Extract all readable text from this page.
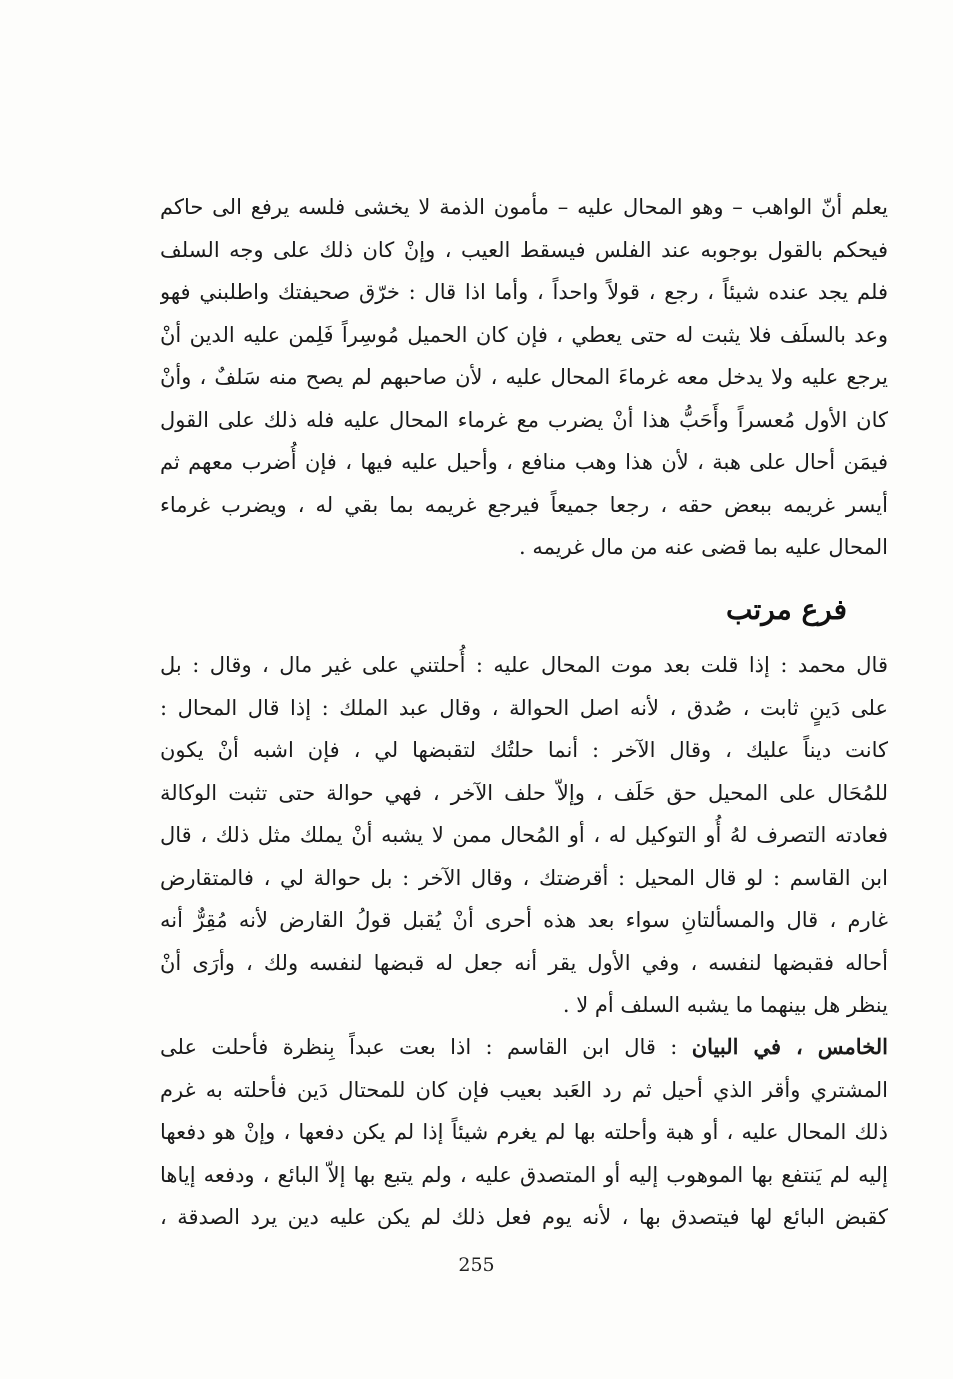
يعلم أنّ الواهب – وهو المحال عليه – مأمون الذمة لا يخشى فلسه يرفع الى حاكم
فيحكم بالقول بوجوبه عند الفلس فيسقط العيب ، وإنْ كان ذلك على وجه السلف
فلم يجد عنده شيئاً ، رجع ، قولاً واحداً ، وأما اذا قال : خرّق صحيفتك واطلبني فهو
وعد بالسلَف فلا يثبت له حتى يعطي ، فإن كان الحميل مُوسِراً فَلِمن عليه الدين أنْ
يرجع عليه ولا يدخل معه غرماءَ المحال عليه ، لأن صاحبهم لم يصح منه سَلفٌ ، وأنْ
كان الأول مُعسراً وأَحَبُّ هذا أنْ يضرب مع غرماء المحال عليه فله ذلك على القول
فيمَن أحال على هبة ، لأن هذا وهب منافع ، وأحيل عليه فيها ، فإن أُضرب معهم ثم
أيسر غريمه ببعض حقه ، رجعا جميعاً فيرجع غريمه بما بقي له ، ويضرب غرماء
المحال عليه بما قضى عنه من مال غريمه .
فرع مرتب
قال محمد : إذا قلت بعد موت المحال عليه : أُحلتني على غير مال ، وقال : بل
على دَينٍ ثابت ، صُدق ، لأنه اصل الحوالة ، وقال عبد الملك : إذا قال المحال :
كانت ديناً عليك ، وقال الآخر : أنما حلتُك لتقبضها لي ، فإن اشبه أنْ يكون
للمُحَال على المحيل حق حَلَف ، وإلاّ حلف الآخر ، فهي حوالة حتى تثبت الوكالة
فعادته التصرف لهُ أُو التوكيل له ، أو المُحال ممن لا يشبه أنْ يملك مثل ذلك ، قال
ابن القاسم : لو قال المحيل : أقرضتك ، وقال الآخر : بل حوالة لي ، فالمتقارض
غارم ، قال والمسألتانِ سواء بعد هذه أحرى أنْ يُقبل قولُ القارض لأنه مُقِرٌّ أنه
أحاله فقبضها لنفسه ، وفي الأول يقر أنه جعل له قبضها لنفسه ولك ، وأرَى أنْ
ينظر هل بينهما ما يشبه السلف أم لا .
الخامس ، في البيان : قال ابن القاسم : اذا بعت عبداً بِنظرة فأحلت على
المشتري وأقر الذي أحيل ثم رد العَبد بعيب فإن كان للمحتال دَين فأحلته به غرم
ذلك المحال عليه ، أو هبة وأحلته بها لم يغرم شيئاً إذا لم يكن دفعها ، وإنْ هو دفعها
إليه لم يَنتفع بها الموهوب إليه أو المتصدق عليه ، ولم يتبع بها إلاّ البائع ، ودفعه إياها
كقبض البائع لها فيتصدق بها ، لأنه يوم فعل ذلك لم يكن عليه دين يرد الصدقة ،
255
